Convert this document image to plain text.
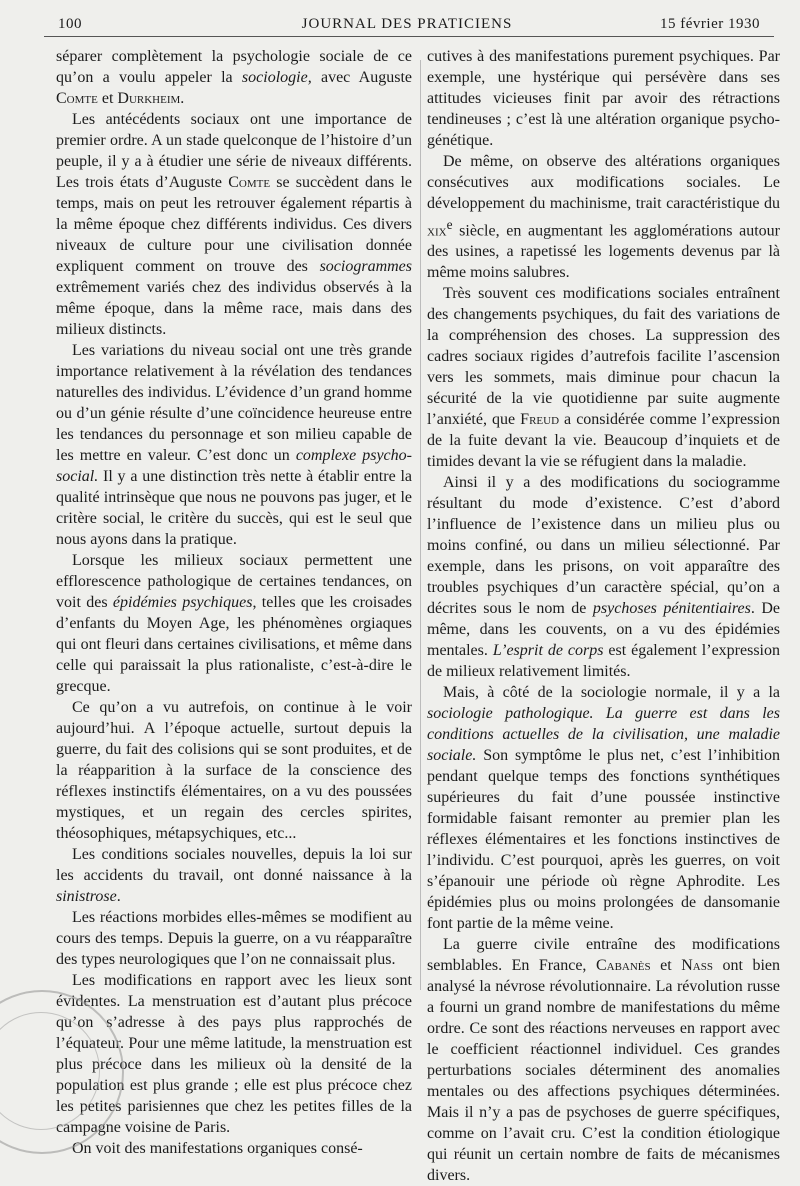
100	JOURNAL DES PRATICIENS	15 février 1930

séparer complètement la psychologie sociale de ce qu’on a voulu appeler la sociologie, avec Auguste Comte et Durkheim.

Les antécédents sociaux ont une importance de premier ordre. A un stade quelconque de l’histoire d’un peuple, il y a à étudier une série de niveaux différents. Les trois états d’Auguste Comte se succèdent dans le temps, mais on peut les retrouver également répartis à la même époque chez différents individus. Ces divers niveaux de culture pour une civilisation donnée expliquent comment on trouve des sociogrammes extrêmement variés chez des individus observés à la même époque, dans la même race, mais dans des milieux distincts.

Les variations du niveau social ont une très grande importance relativement à la révélation des tendances naturelles des individus. L’évidence d’un grand homme ou d’un génie résulte d’une coïncidence heureuse entre les tendances du personnage et son milieu capable de les mettre en valeur. C’est donc un complexe psycho-social. Il y a une distinction très nette à établir entre la qualité intrinsèque que nous ne pouvons pas juger, et le critère social, le critère du succès, qui est le seul que nous ayons dans la pratique.

Lorsque les milieux sociaux permettent une efflorescence pathologique de certaines tendances, on voit des épidémies psychiques, telles que les croisades d’enfants du Moyen Age, les phénomènes orgiaques qui ont fleuri dans certaines civilisations, et même dans celle qui paraissait la plus rationaliste, c’est-à-dire le grecque.

Ce qu’on a vu autrefois, on continue à le voir aujourd’hui. A l’époque actuelle, surtout depuis la guerre, du fait des colisions qui se sont produites, et de la réapparition à la surface de la conscience des réflexes instinctifs élémentaires, on a vu des poussées mystiques, et un regain des cercles spirites, théosophiques, métapsychiques, etc...

Les conditions sociales nouvelles, depuis la loi sur les accidents du travail, ont donné naissance à la sinistrose.

Les réactions morbides elles-mêmes se modifient au cours des temps. Depuis la guerre, on a vu réapparaître des types neurologiques que l’on ne connaissait plus.

Les modifications en rapport avec les lieux sont évidentes. La menstruation est d’autant plus précoce qu’on s’adresse à des pays plus rapprochés de l’équateur. Pour une même latitude, la menstruation est plus précoce dans les milieux où la densité de la population est plus grande ; elle est plus précoce chez les petites parisiennes que chez les petites filles de la campagne voisine de Paris.

On voit des manifestations organiques consé-

cutives à des manifestations purement psychiques. Par exemple, une hystérique qui persévère dans ses attitudes vicieuses finit par avoir des rétractions tendineuses ; c’est là une altération organique psycho-génétique.

De même, on observe des altérations organiques consécutives aux modifications sociales. Le développement du machinisme, trait caractéristique du xix$^e$ siècle, en augmentant les agglomérations autour des usines, a rapetissé les logements devenus par là même moins salubres.

Très souvent ces modifications sociales entraînent des changements psychiques, du fait des variations de la compréhension des choses. La suppression des cadres sociaux rigides d’autrefois facilite l’ascension vers les sommets, mais diminue pour chacun la sécurité de la vie quotidienne par suite augmente l’anxiété, que Freud a considérée comme l’expression de la fuite devant la vie. Beaucoup d’inquiets et de timides devant la vie se réfugient dans la maladie.

Ainsi il y a des modifications du sociogramme résultant du mode d’existence. C’est d’abord l’influence de l’existence dans un milieu plus ou moins confiné, ou dans un milieu sélectionné. Par exemple, dans les prisons, on voit apparaître des troubles psychiques d’un caractère spécial, qu’on a décrites sous le nom de psychoses pénitentiaires. De même, dans les couvents, on a vu des épidémies mentales. L’esprit de corps est également l’expression de milieux relativement limités.

Mais, à côté de la sociologie normale, il y a la sociologie pathologique. La guerre est dans les conditions actuelles de la civilisation, une maladie sociale. Son symptôme le plus net, c’est l’inhibition pendant quelque temps des fonctions synthétiques supérieures du fait d’une poussée instinctive formidable faisant remonter au premier plan les réflexes élémentaires et les fonctions instinctives de l’individu. C’est pourquoi, après les guerres, on voit s’épanouir une période où règne Aphrodite. Les épidémies plus ou moins prolongées de dansomanie font partie de la même veine.

La guerre civile entraîne des modifications semblables. En France, Cabanès et Nass ont bien analysé la névrose révolutionnaire. La révolution russe a fourni un grand nombre de manifestations du même ordre. Ce sont des réactions nerveuses en rapport avec le coefficient réactionnel individuel. Ces grandes perturbations sociales déterminent des anomalies mentales ou des affections psychiques déterminées. Mais il n’y a pas de psychoses de guerre spécifiques, comme on l’avait cru. C’est la condition étiologique qui réunit un certain nombre de faits de mécanismes divers.
